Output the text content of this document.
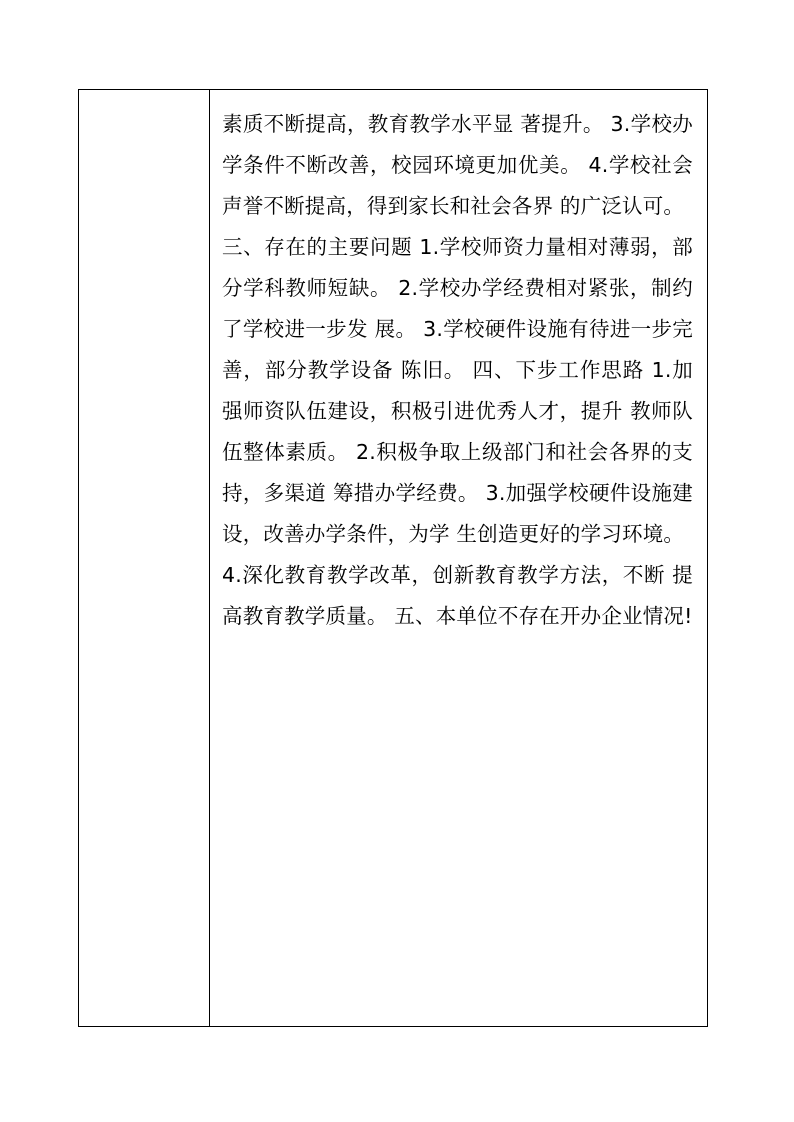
素质不断提高，教育教学水平显 著提升。 3.学校办学条件不断改善，校园环境更加优美。 4.学校社会声誉不断提高，得到家长和社会各界 的广泛认可。

三、存在的主要问题 1.学校师资力量相对薄弱，部分学科教师短缺。 2.学校办学经费相对紧张，制约了学校进一步发 展。 3.学校硬件设施有待进一步完善，部分教学设备 陈旧。 四、下步工作思路 1.加强师资队伍建设，积极引进优秀人才，提升 教师队伍整体素质。 2.积极争取上级部门和社会各界的支持，多渠道 筹措办学经费。 3.加强学校硬件设施建设，改善办学条件，为学 生创造更好的学习环境。

4.深化教育教学改革，创新教育教学方法，不断 提高教育教学质量。 五、本单位不存在开办企业情况!
